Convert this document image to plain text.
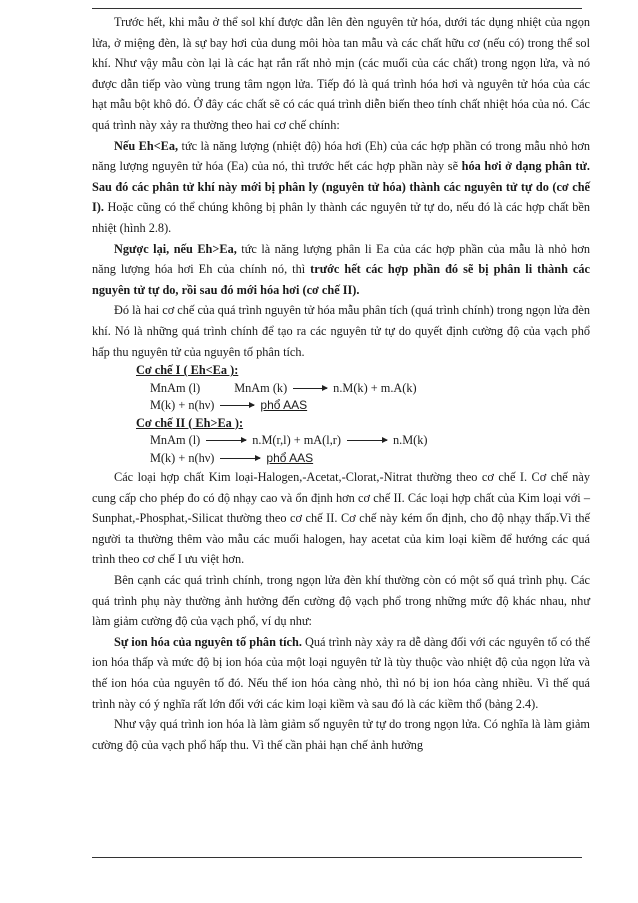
Trước hết, khi mẫu ở thể sol khí được dẫn lên đèn nguyên tử hóa, dưới tác dụng nhiệt của ngọn lửa, ở miệng đèn, là sự bay hơi của dung môi hòa tan mẫu và các chất hữu cơ (nếu có) trong thể sol khí. Như vậy mẫu còn lại là các hạt rắn rất nhỏ mịn (các muối của các chất) trong ngọn lửa, và nó được dẫn tiếp vào vùng trung tâm ngọn lửa. Tiếp đó là quá trình hóa hơi và nguyên tử hóa của các hạt mẫu bột khô đó. Ở đây các chất sẽ có các quá trình diễn biến theo tính chất nhiệt hóa của nó. Các quá trình này xảy ra thường theo hai cơ chế chính:

Nếu Eh<Ea, tức là năng lượng (nhiệt độ) hóa hơi (Eh) của các hợp phần có trong mẫu nhỏ hơn năng lượng nguyên tử hóa (Ea) của nó, thì trước hết các hợp phần này sẽ hóa hơi ở dạng phân tử. Sau đó các phân tử khí này mới bị phân ly (nguyên tử hóa) thành các nguyên tử tự do (cơ chế I). Hoặc cũng có thể chúng không bị phân ly thành các nguyên tử tự do, nếu đó là các hợp chất bền nhiệt (hình 2.8).

Ngược lại, nếu Eh>Ea, tức là năng lượng phân li Ea của các hợp phần của mẫu là nhỏ hơn năng lượng hóa hơi Eh của chính nó, thì trước hết các hợp phần đó sẽ bị phân li thành các nguyên tử tự do, rồi sau đó mới hóa hơi (cơ chế II).

Đó là hai cơ chế của quá trình nguyên tử hóa mẫu phân tích (quá trình chính) trong ngọn lửa đèn khí. Nó là những quá trình chính để tạo ra các nguyên tử tự do quyết định cường độ của vạch phổ hấp thu nguyên tử của nguyên tố phân tích.

Cơ chế I ( Eh<Ea ):
MnAm (l)	MnAm (k)	n.M(k) + m.A(k)
M(k) + n(hν)	phổ AAS
Cơ chế II ( Eh>Ea ):
MnAm (l)	n.M(r,l) + mA(l,r)	n.M(k)
M(k) + n(hν)	phổ AAS

Các loại hợp chất Kim loại-Halogen,-Acetat,-Clorat,-Nitrat thường theo cơ chế I. Cơ chế này cung cấp cho phép đo có độ nhạy cao và ổn định hơn cơ chế II. Các loại hợp chất của Kim loại với –Sunphat,-Phosphat,-Silicat thường theo cơ chế II. Cơ chế này kém ổn định, cho độ nhạy thấp.Vì thế người ta thường thêm vào mẫu các muối halogen, hay acetat của kim loại kiềm để hướng các quá trình theo cơ chế I ưu việt hơn.

Bên cạnh các quá trình chính, trong ngọn lửa đèn khí thường còn có một số quá trình phụ. Các quá trình phụ này thường ảnh hưởng đến cường độ vạch phổ trong những mức độ khác nhau, như làm giảm cường độ của vạch phổ, ví dụ như:

Sự ion hóa của nguyên tố phân tích. Quá trình này xảy ra dễ dàng đối với các nguyên tố có thế ion hóa thấp và mức độ bị ion hóa của một loại nguyên tử là tùy thuộc vào nhiệt độ của ngọn lửa và thế ion hóa của nguyên tố đó. Nếu thế ion hóa càng nhỏ, thì nó bị ion hóa càng nhiều. Vì thế quá trình này có ý nghĩa rất lớn đối với các kim loại kiềm và sau đó là các kiềm thổ (bảng 2.4).

Như vậy quá trình ion hóa là làm giảm số nguyên tử tự do trong ngọn lửa. Có nghĩa là làm giảm cường độ của vạch phổ hấp thu. Vì thế cần phải hạn chế ảnh hưởng
